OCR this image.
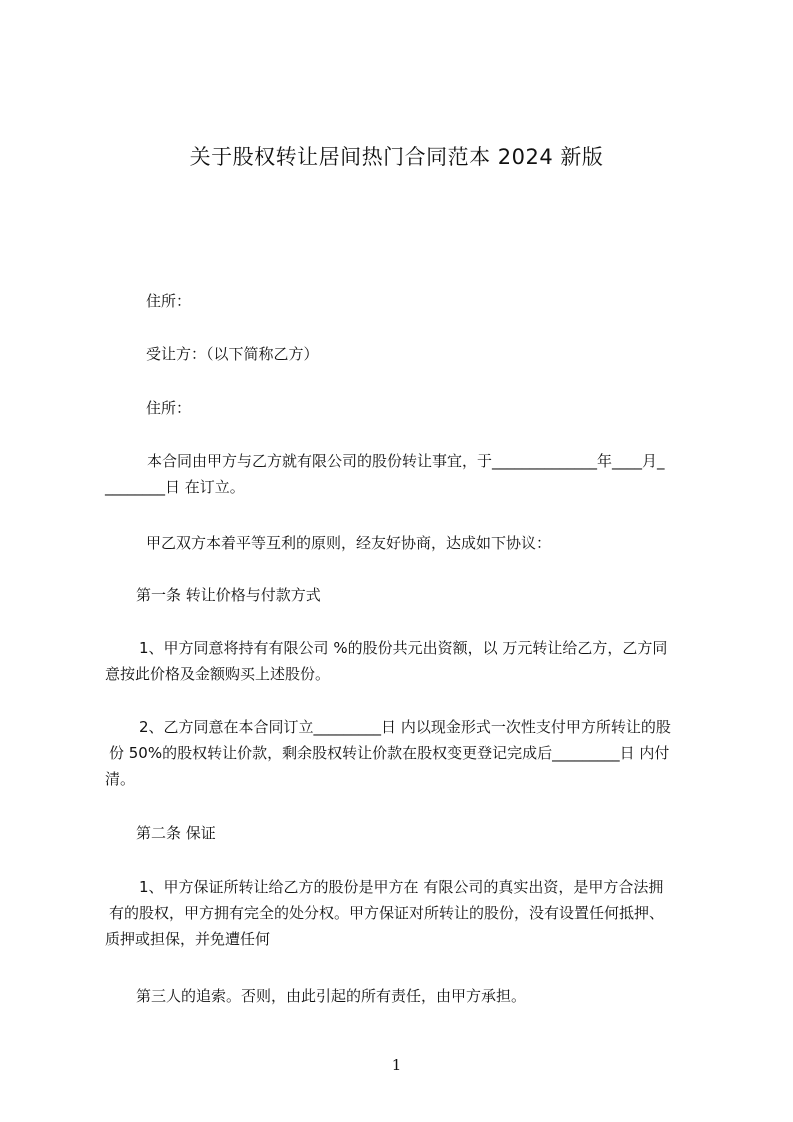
关于股权转让居间热门合同范本 2024 新版
住所：
受让方：（以下简称乙方）
住所：
本合同由甲方与乙方就有限公司的股份转让事宜，于______________年____月_
________日 在订立。
甲乙双方本着平等互利的原则，经友好协商，达成如下协议：
第一条 转让价格与付款方式
1、甲方同意将持有有限公司 %的股份共元出资额，以 万元转让给乙方，乙方同
意按此价格及金额购买上述股份。
2、乙方同意在本合同订立_________日 内以现金形式一次性支付甲方所转让的股
份 50%的股权转让价款，剩余股权转让价款在股权变更登记完成后_________日 内付
清。
第二条 保证
1、甲方保证所转让给乙方的股份是甲方在 有限公司的真实出资，是甲方合法拥
有的股权，甲方拥有完全的处分权。甲方保证对所转让的股份，没有设置任何抵押、
质押或担保，并免遭任何
第三人的追索。否则，由此引起的所有责任，由甲方承担。
1
